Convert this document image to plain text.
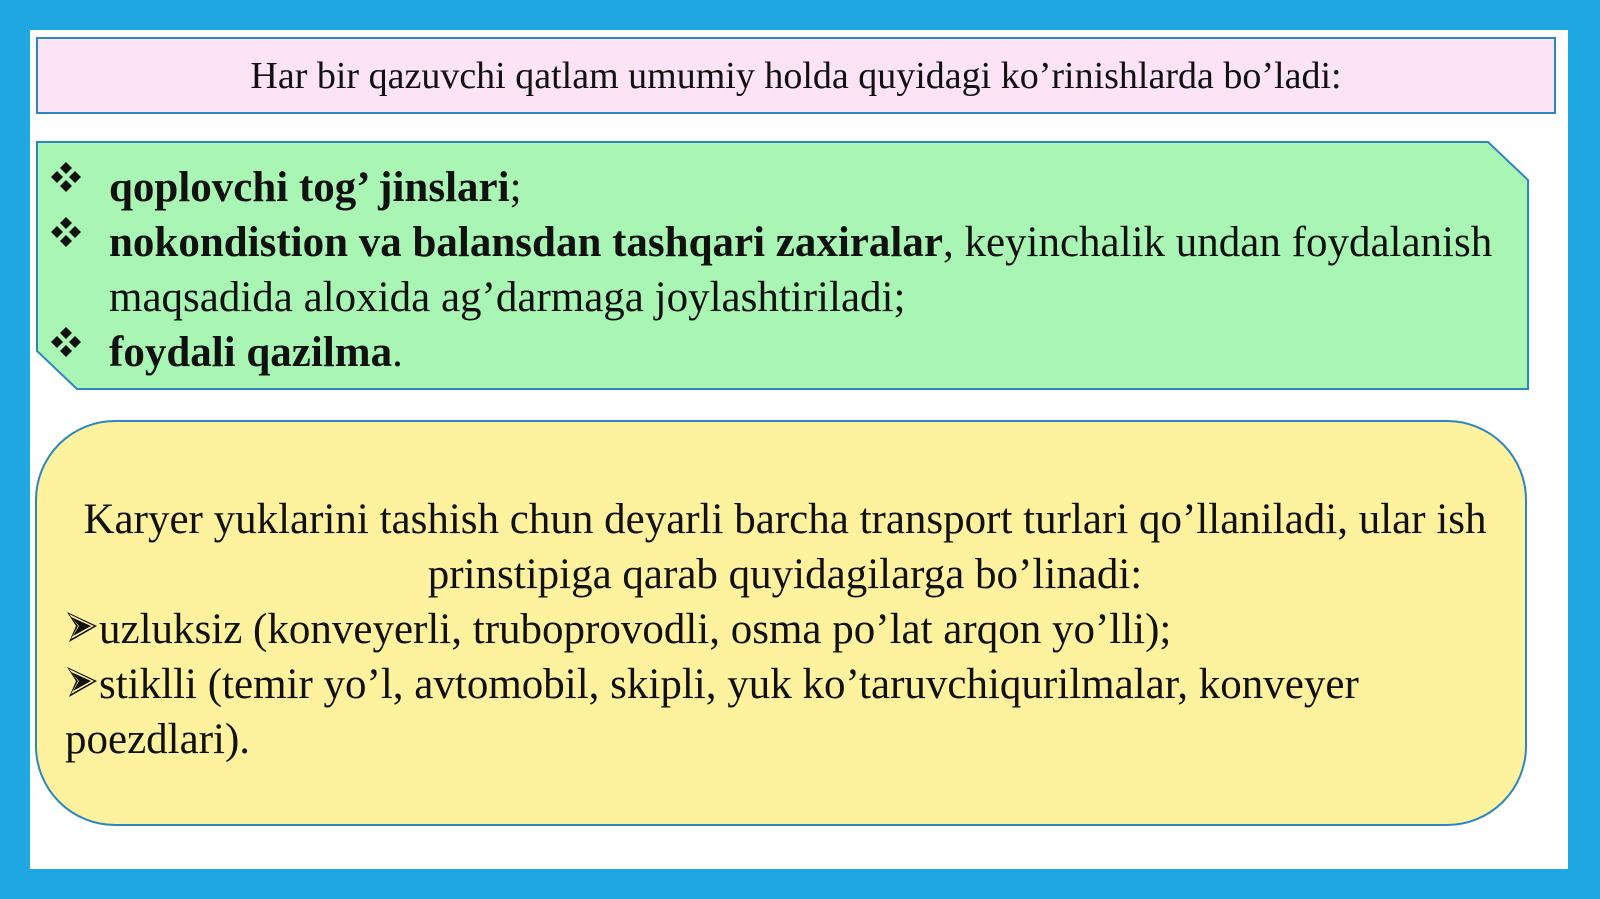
Har bir qazuvchi qatlam umumiy holda quyidagi ko’rinishlarda bo’ladi:
qoplovchi tog’ jinslari;
nokondistion va balansdan tashqari zaxiralar, keyinchalik undan foydalanish maqsadida aloxida ag’darmaga joylashtiriladi;
foydali qazilma.
Karyer yuklarini tashish chun deyarli barcha transport turlari qo’llaniladi, ular ish prinstipiga qarab quyidagilarga bo’linadi:
uzluksiz (konveyerli, truboprovodli, osma po’lat arqon yo’lli);
stiklli (temir yo’l, avtomobil, skipli, yuk ko’taruvchiqurilmalar, konveyer poezdlari).
